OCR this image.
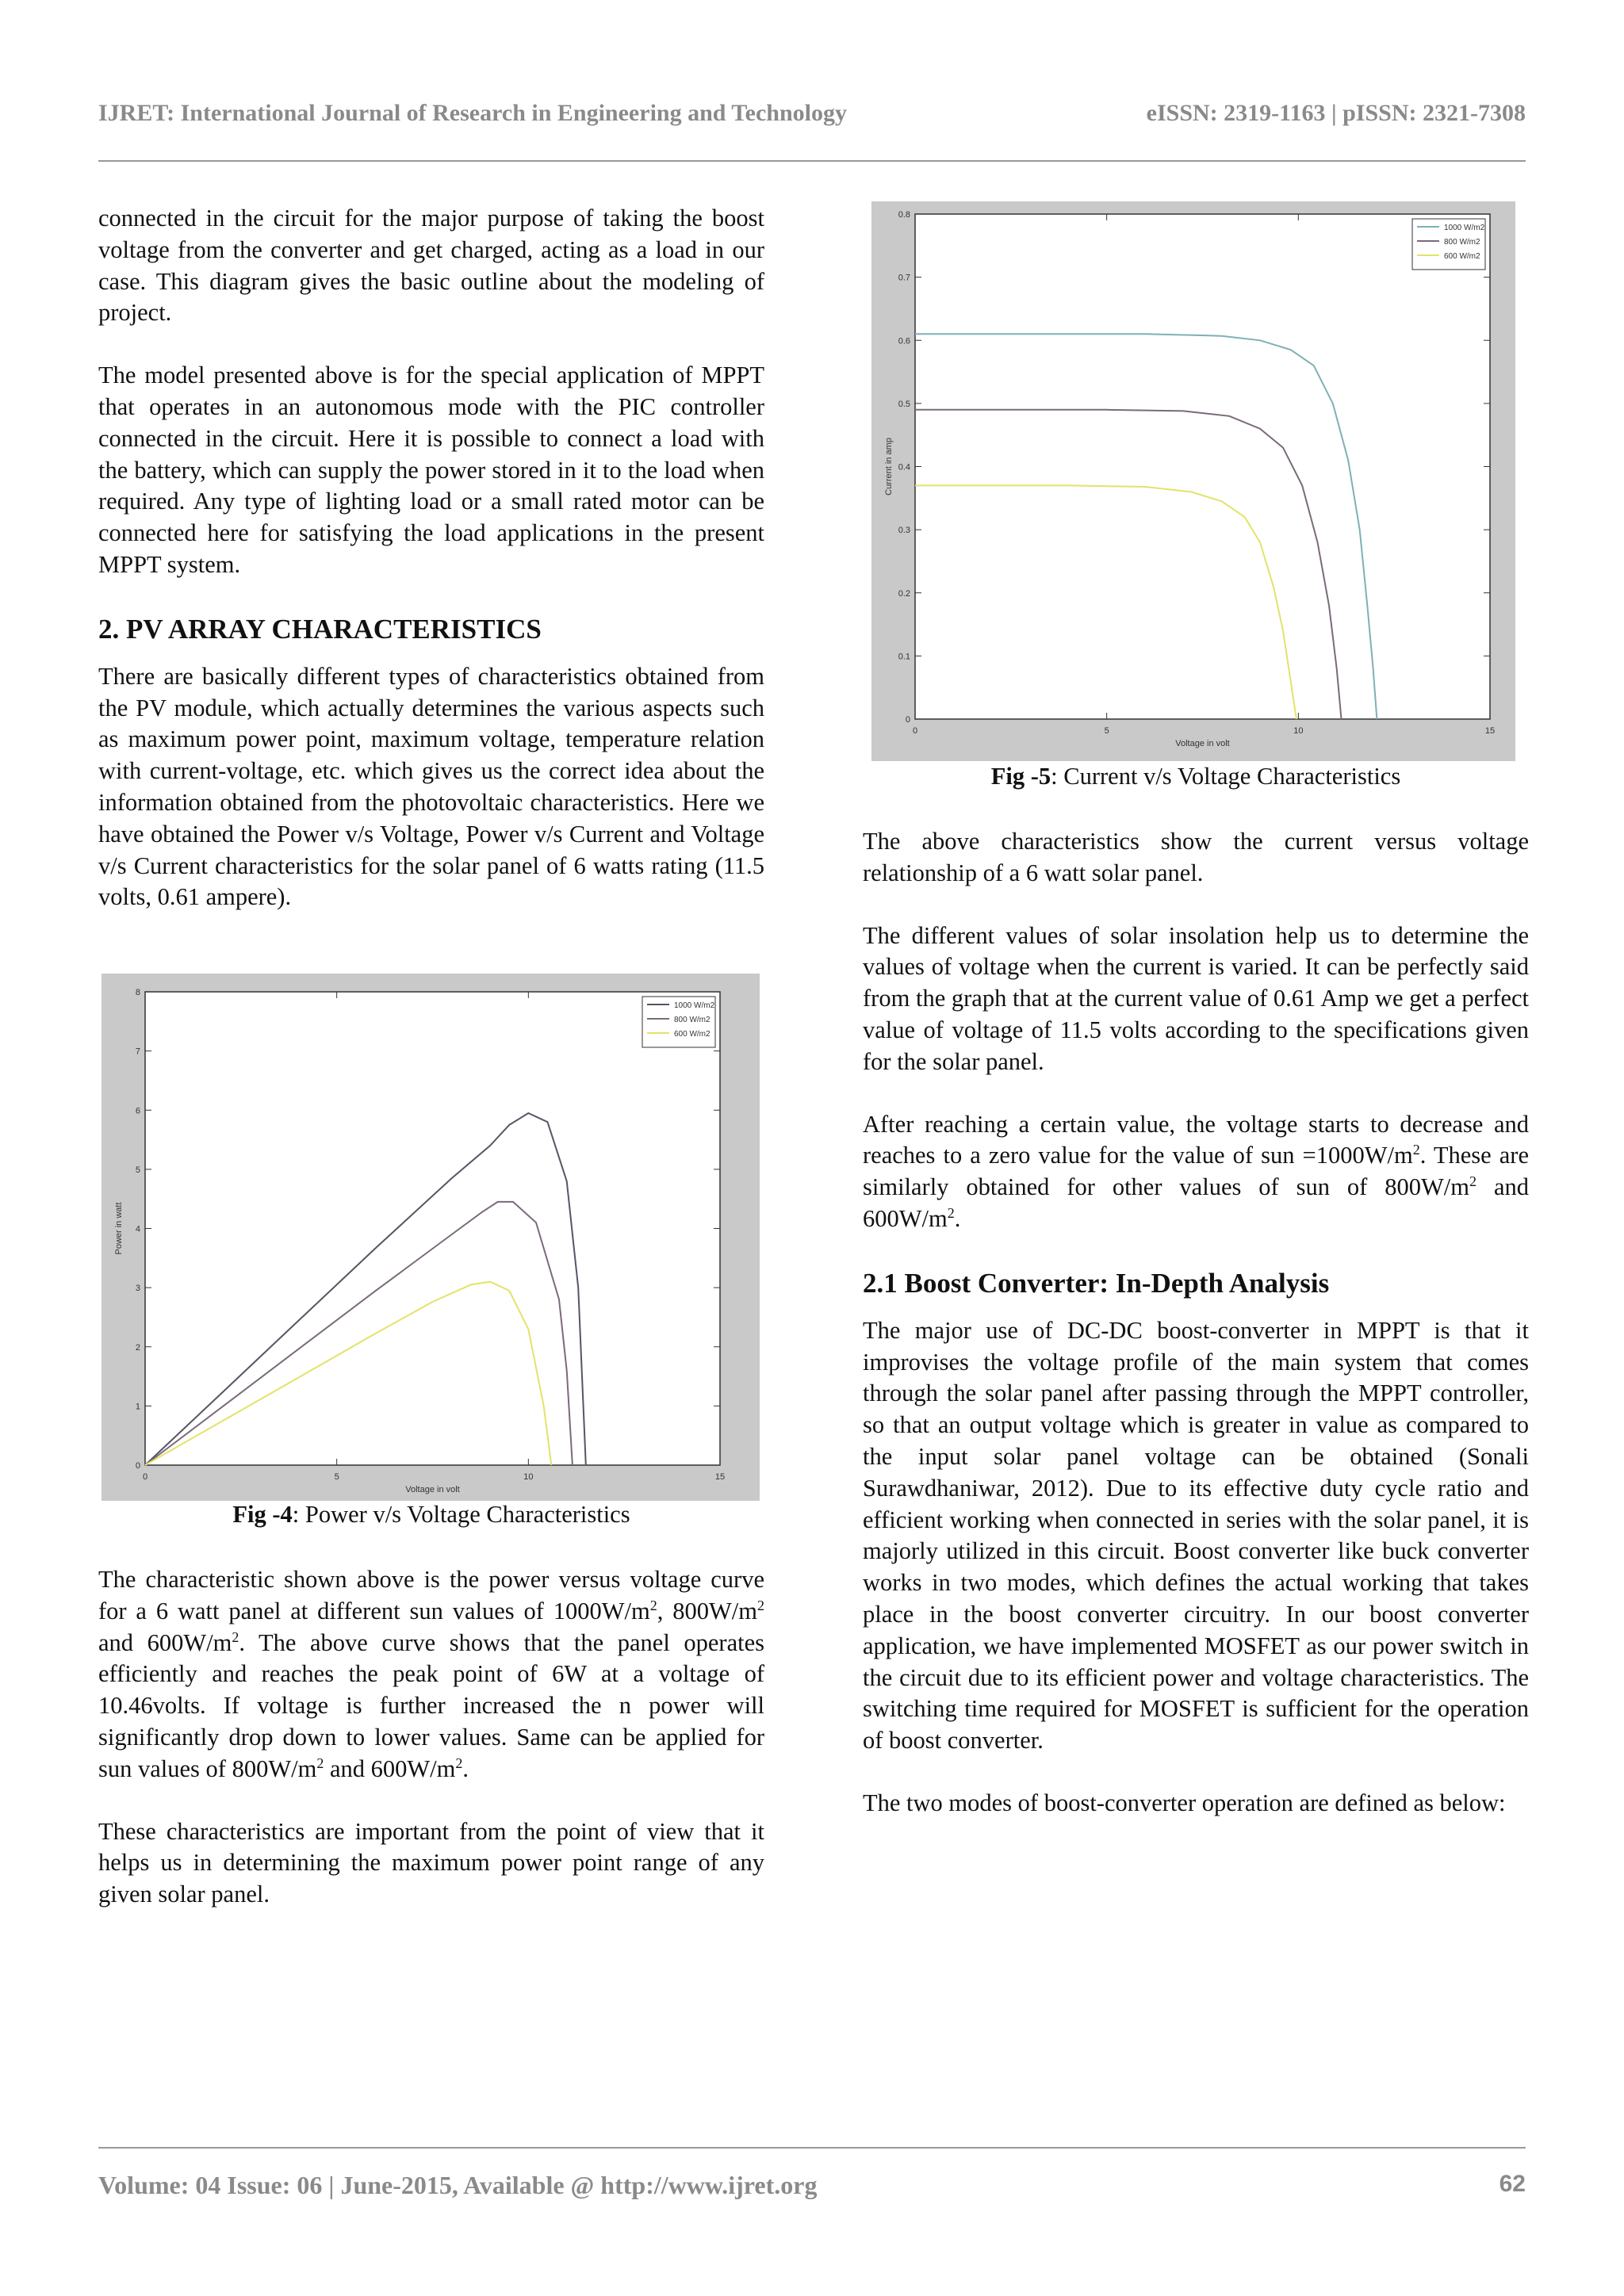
IJRET: International Journal of Research in Engineering and Technology	eISSN: 2319-1163 | pISSN: 2321-7308

connected in the circuit for the major purpose of taking the boost voltage from the converter and get charged, acting as a load in our case. This diagram gives the basic outline about the modeling of project.

The model presented above is for the special application of MPPT that operates in an autonomous mode with the PIC controller connected in the circuit. Here it is possible to connect a load with the battery, which can supply the power stored in it to the load when required. Any type of lighting load or a small rated motor can be connected here for satisfying the load applications in the present MPPT system.

2. PV ARRAY CHARACTERISTICS

There are basically different types of characteristics obtained from the PV module, which actually determines the various aspects such as maximum power point, maximum voltage, temperature relation with current-voltage, etc. which gives us the correct idea about the information obtained from the photovoltaic characteristics. Here we have obtained the Power v/s Voltage, Power v/s Current and Voltage v/s Current characteristics for the solar panel of 6 watts rating (11.5 volts, 0.61 ampere).

0
1
2
3
4
5
6
7
8
0	5	10	15
Voltage in volt
Power in watt
1000 W/m2
800 W/m2
600 W/m2
Fig -4: Power v/s Voltage Characteristics

The characteristic shown above is the power versus voltage curve for a 6 watt panel at different sun values of $1000W/m^2$, $800W/m^2$ and $600W/m^2$. The above curve shows that the panel operates efficiently and reaches the peak point of 6W at a voltage of 10.46volts. If voltage is further increased the n power will significantly drop down to lower values. Same can be applied for sun values of $800W/m^2$ and $600W/m^2$.

These characteristics are important from the point of view that it helps us in determining the maximum power point range of any given solar panel.

0
0.1
0.2
0.3
0.4
0.5
0.6
0.7
0.8
0	5	10	15
Voltage in volt
Current in amp
1000 W/m2
800 W/m2
600 W/m2
Fig -5: Current v/s Voltage Characteristics

The above characteristics show the current versus voltage relationship of a 6 watt solar panel.

The different values of solar insolation help us to determine the values of voltage when the current is varied. It can be perfectly said from the graph that at the current value of 0.61 Amp we get a perfect value of voltage of 11.5 volts according to the specifications given for the solar panel.

After reaching a certain value, the voltage starts to decrease and reaches to a zero value for the value of sun $=1000W/m^2$. These are similarly obtained for other values of sun of $800W/m^2$ and $600W/m^2$.

2.1 Boost Converter: In-Depth Analysis

The major use of DC-DC boost-converter in MPPT is that it improvises the voltage profile of the main system that comes through the solar panel after passing through the MPPT controller, so that an output voltage which is greater in value as compared to the input solar panel voltage can be obtained (Sonali Surawdhaniwar, 2012). Due to its effective duty cycle ratio and efficient working when connected in series with the solar panel, it is majorly utilized in this circuit. Boost converter like buck converter works in two modes, which defines the actual working that takes place in the boost converter circuitry. In our boost converter application, we have implemented MOSFET as our power switch in the circuit due to its efficient power and voltage characteristics. The switching time required for MOSFET is sufficient for the operation of boost converter.

The two modes of boost-converter operation are defined as below:

Volume: 04 Issue: 06 | June-2015, Available @ http://www.ijret.org	62
